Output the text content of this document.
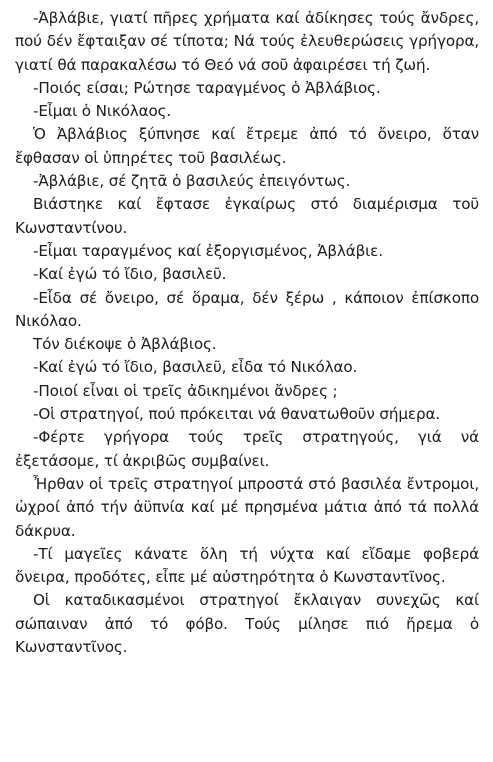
-Ἀβλάβιε, γιατί πῆρες χρήματα καί ἀδίκησες τούς ἄνδρες, πού δέν ἔφταιξαν σέ τίποτα; Νά τούς ἐλευθερώσεις γρήγορα, γιατί θά παρακαλέσω τό Θεό νά σοῦ ἀφαιρέσει τή ζωή.

-Ποιός είσαι; Ρώτησε ταραγμένος ὁ Ἀβλάβιος.

-Εἶμαι ὁ Νικόλαος.

Ὁ Ἀβλάβιος ξύπνησε καί ἔτρεμε ἀπό τό ὄνειρο, ὅταν ἔφθασαν οἱ ὑπηρέτες τοῦ βασιλέως.

-Ἀβλάβιε, σέ ζητᾶ ὁ βασιλεύς ἐπειγόντως.

Βιάστηκε καί ἔφτασε ἐγκαίρως στό διαμέρισμα τοῦ Κωνσταντίνου.

-Εἶμαι ταραγμένος καί ἐξοργισμένος, Ἀβλάβιε.

-Καί ἐγώ τό ἴδιο, βασιλεῦ.

-Εἶδα σέ ὄνειρο, σέ ὅραμα, δέν ξέρω , κάποιον ἐπίσκοπο Νικόλαο.

Τόν διέκοψε ὁ Ἀβλάβιος.

-Καί ἐγώ τό ἴδιο, βασιλεῦ, εἶδα τό Νικόλαο.

-Ποιοί εἶναι οἱ τρεῖς ἀδικημένοι ἄνδρες ;

-Οἱ στρατηγοί, πού πρόκειται νά θανατωθοῦν σήμερα.

-Φέρτε γρήγορα τούς τρεῖς στρατηγούς, γιά νά ἐξετάσομε, τί ἀκριβῶς συμβαίνει.

Ἦρθαν οἱ τρεῖς στρατηγοί μπροστά στό βασιλέα ἔντρομοι, ὠχροί ἀπό τήν ἀϋπνία καί μέ πρησμένα μάτια ἀπό τά πολλά δάκρυα.

-Τί μαγεῖες κάνατε ὅλη τή νύχτα καί εἴδαμε φοβερά ὄνειρα, προδότες, εἶπε μέ αὐστηρότητα ὁ Κωνσταντῖνος.

Οἱ καταδικασμένοι στρατηγοί ἔκλαιγαν συνεχῶς καί σώπαιναν ἀπό τό φόβο. Τούς μίλησε πιό ἤρεμα ὁ Κωνσταντῖνος.
